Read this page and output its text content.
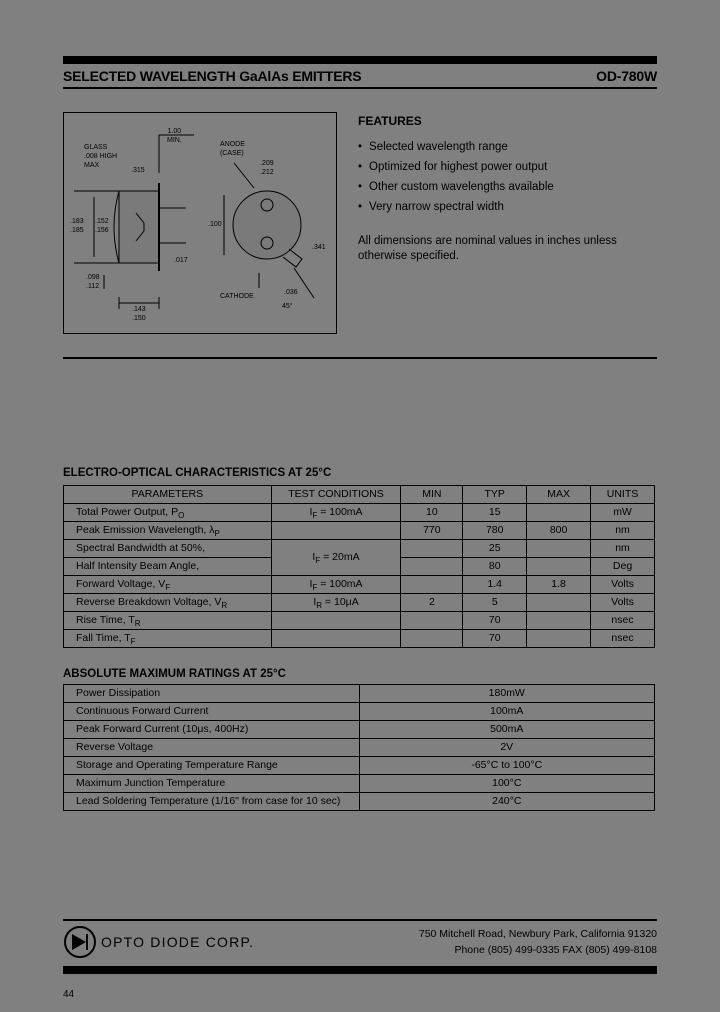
SELECTED WAVELENGTH GaAlAs EMITTERS	OD-780W
GLASS
.008 HIGH
MAX
1.00
MIN.
.315
ANODE
(CASE)
.209
.212
.100
.183
.185
.152
.156
.017
.341
.098
.112
CATHODE
.036
45°
.143
.150
FEATURES
• Selected wavelength range
• Optimized for highest power output
• Other custom wavelengths available
• Very narrow spectral width
All dimensions are nominal values in inches unless otherwise specified.
ELECTRO-OPTICAL CHARACTERISTICS AT 25°C
PARAMETERS	TEST CONDITIONS	MIN	TYP	MAX	UNITS
Total Power Output, $P_O$	$I_F = 100mA$	10	15		mW
Peak Emission Wavelength, $\lambda_P$		770	780	800	nm
Spectral Bandwidth at 50%,	$I_F = 20mA$		25		nm
Half Intensity Beam Angle,			80		Deg
Forward Voltage, $V_F$	$I_F = 100mA$		1.4	1.8	Volts
Reverse Breakdown Voltage, $V_R$	$I_R = 10\mu A$	2	5		Volts
Rise Time, $T_R$			70		nsec
Fall Time, $T_F$			70		nsec
ABSOLUTE MAXIMUM RATINGS AT 25°C
Power Dissipation	180mW
Continuous Forward Current	100mA
Peak Forward Current (10μs, 400Hz)	500mA
Reverse Voltage	2V
Storage and Operating Temperature Range	-65°C to 100°C
Maximum Junction Temperature	100°C
Lead Soldering Temperature (1/16" from case for 10 sec)	240°C
OPTO DIODE CORP.	750 Mitchell Road, Newbury Park, California 91320
Phone (805) 499-0335 FAX (805) 499-8108
44
